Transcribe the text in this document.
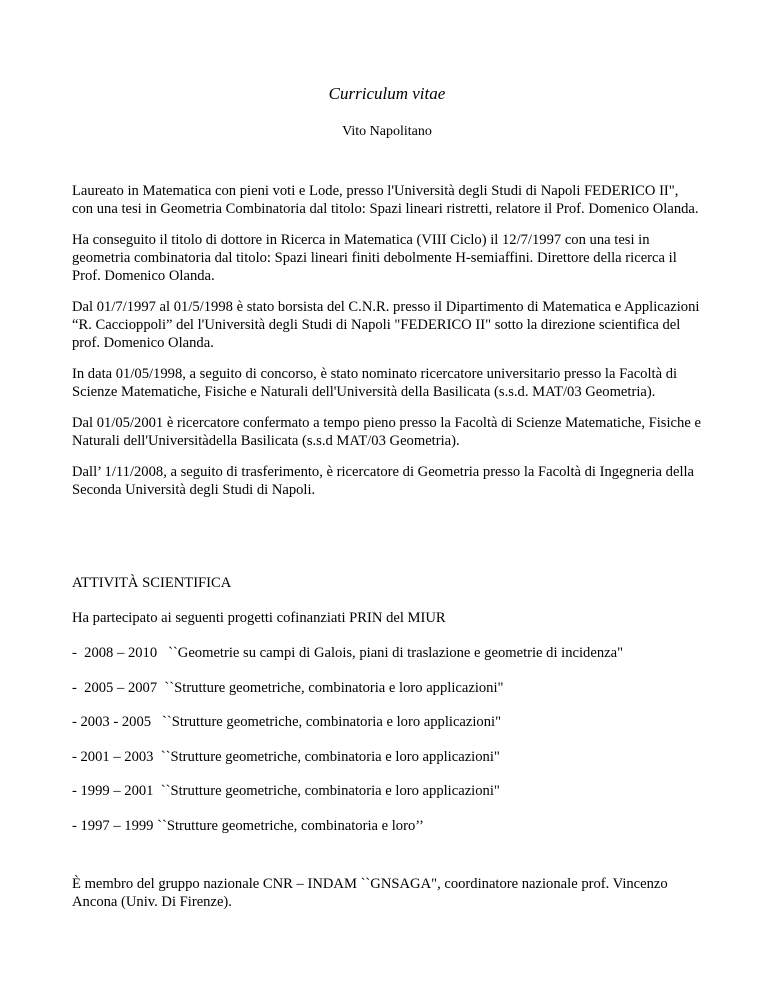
Curriculum vitae

Vito Napolitano

Laureato in Matematica con pieni voti e Lode, presso l'Università degli Studi di Napoli FEDERICO II", con una tesi in Geometria Combinatoria dal titolo: Spazi lineari ristretti, relatore il Prof. Domenico Olanda.

Ha conseguito il titolo di dottore in Ricerca in Matematica (VIII Ciclo) il 12/7/1997 con una tesi in geometria combinatoria dal titolo: Spazi lineari finiti debolmente H-semiaffini. Direttore della ricerca il Prof. Domenico Olanda.

Dal 01/7/1997 al 01/5/1998 è stato borsista del C.N.R. presso il Dipartimento di Matematica e Applicazioni “R. Caccioppoli” del l'Università degli Studi di Napoli "FEDERICO II" sotto la direzione scientifica del prof. Domenico Olanda.

In data 01/05/1998, a seguito di concorso, è stato nominato ricercatore universitario presso la Facoltà di Scienze Matematiche, Fisiche e Naturali dell'Università della Basilicata (s.s.d. MAT/03 Geometria).

Dal 01/05/2001 è ricercatore confermato a tempo pieno presso la Facoltà di Scienze Matematiche, Fisiche e Naturali dell'Universitàdella Basilicata (s.s.d MAT/03 Geometria).

Dall’ 1/11/2008, a seguito di trasferimento, è ricercatore di Geometria presso la Facoltà di Ingegneria della Seconda Università degli Studi di Napoli.

ATTIVITÀ SCIENTIFICA

Ha partecipato ai seguenti progetti cofinanziati PRIN del MIUR

-  2008 – 2010   ``Geometrie su campi di Galois, piani di traslazione e geometrie di incidenza"
-  2005 – 2007  ``Strutture geometriche, combinatoria e loro applicazioni"
- 2003 - 2005   ``Strutture geometriche, combinatoria e loro applicazioni"
- 2001 – 2003  ``Strutture geometriche, combinatoria e loro applicazioni"
- 1999 – 2001  ``Strutture geometriche, combinatoria e loro applicazioni"
- 1997 – 1999 ``Strutture geometriche, combinatoria e loro’’

È membro del gruppo nazionale CNR – INDAM ``GNSAGA", coordinatore nazionale prof. Vincenzo Ancona (Univ. Di Firenze).
